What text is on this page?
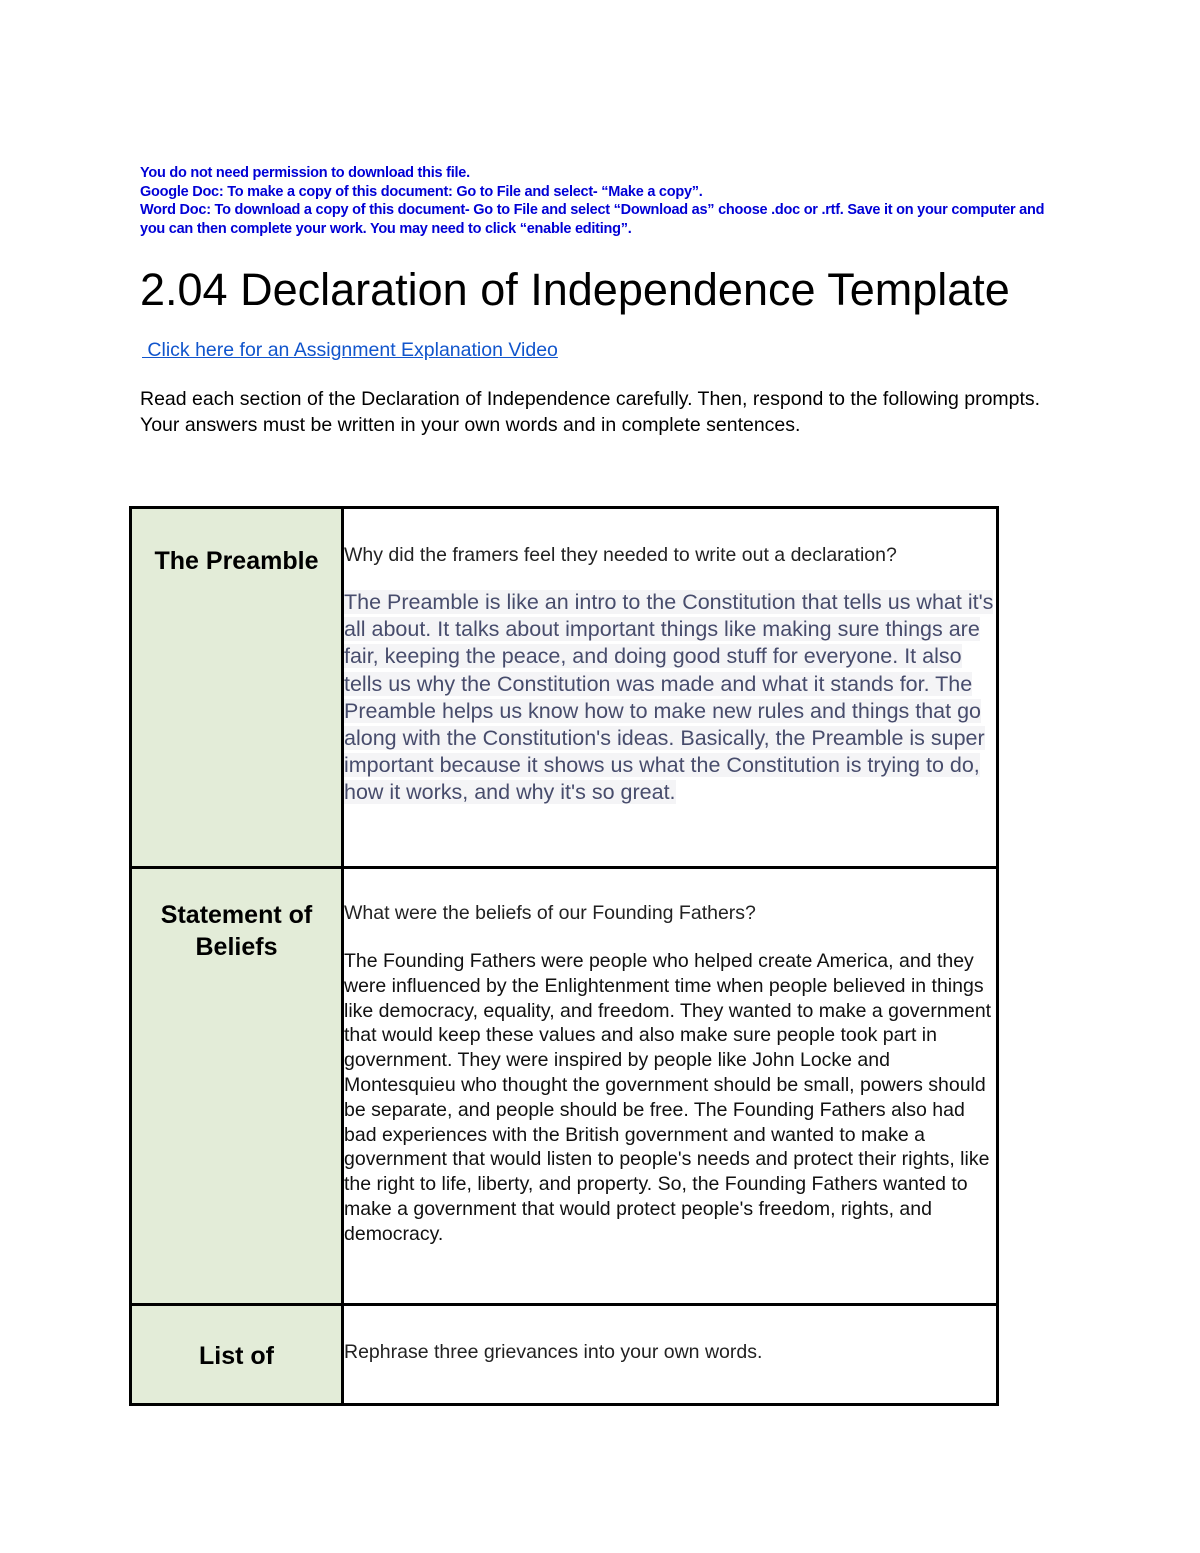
You do not need permission to download this file.
Google Doc: To make a copy of this document: Go to File and select- “Make a copy”.
Word Doc: To download a copy of this document- Go to File and select “Download as” choose .doc or .rtf. Save it on your computer and you can then complete your work. You may need to click “enable editing”.
2.04 Declaration of Independence Template
Click here for an Assignment Explanation Video

Read each section of the Declaration of Independence carefully. Then, respond to the following prompts. Your answers must be written in your own words and in complete sentences.

The Preamble	Why did the framers feel they needed to write out a declaration?

The Preamble is like an intro to the Constitution that tells us what it's all about. It talks about important things like making sure things are fair, keeping the peace, and doing good stuff for everyone. It also tells us why the Constitution was made and what it stands for. The Preamble helps us know how to make new rules and things that go along with the Constitution's ideas. Basically, the Preamble is super important because it shows us what the Constitution is trying to do, how it works, and why it's so great.

Statement of Beliefs	What were the beliefs of our Founding Fathers?

The Founding Fathers were people who helped create America, and they were influenced by the Enlightenment time when people believed in things like democracy, equality, and freedom. They wanted to make a government that would keep these values and also make sure people took part in government. They were inspired by people like John Locke and Montesquieu who thought the government should be small, powers should be separate, and people should be free. The Founding Fathers also had bad experiences with the British government and wanted to make a government that would listen to people's needs and protect their rights, like the right to life, liberty, and property. So, the Founding Fathers wanted to make a government that would protect people's freedom, rights, and democracy.

List of	Rephrase three grievances into your own words.
